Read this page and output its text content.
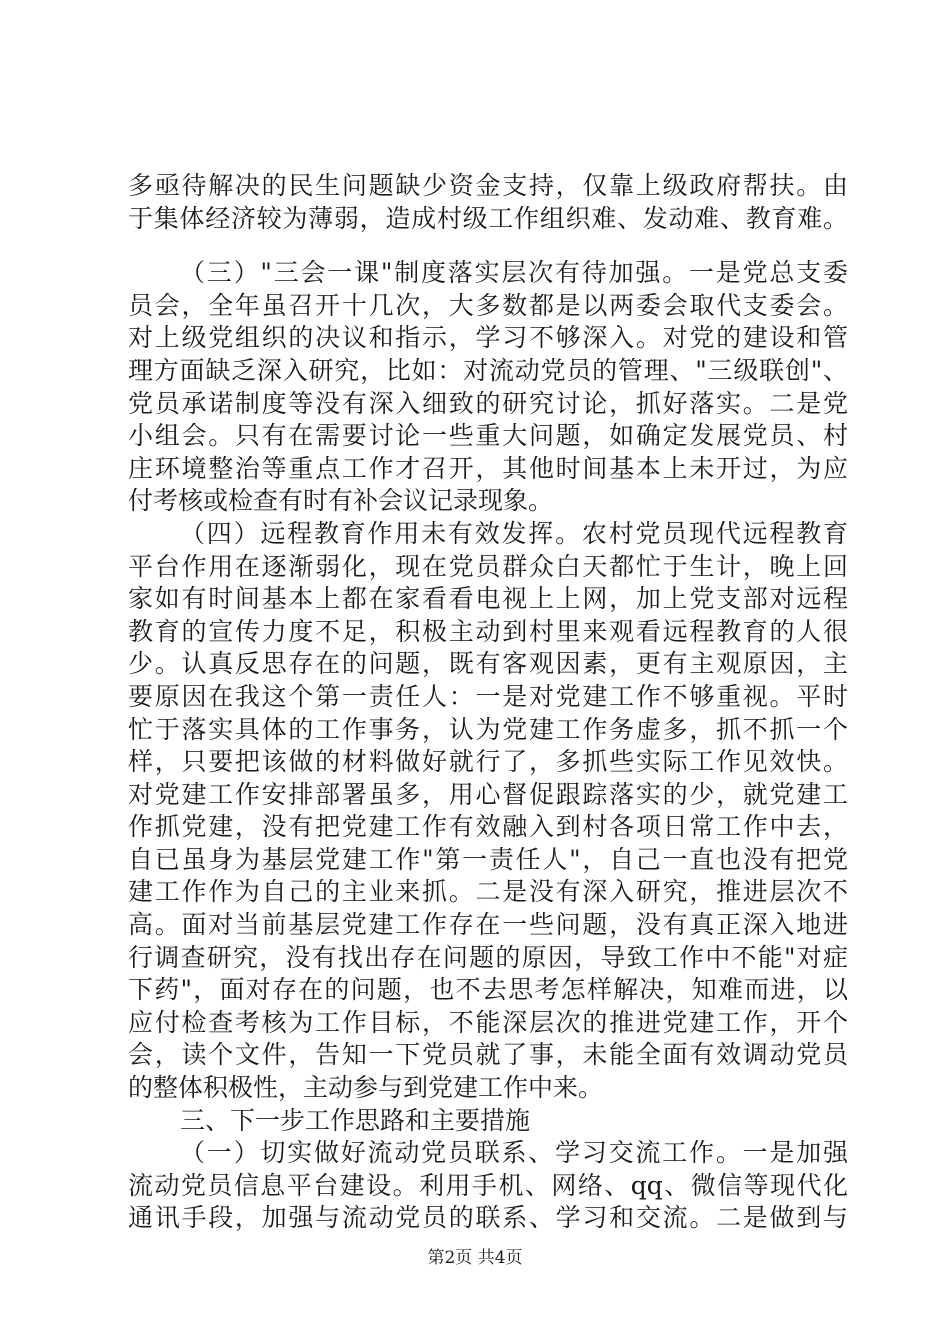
多亟待解决的民生问题缺少资金支持，仅靠上级政府帮扶。由
于集体经济较为薄弱，造成村级工作组织难、发动难、教育难。
（三）"三会一课"制度落实层次有待加强。一是党总支委
员会，全年虽召开十几次，大多数都是以两委会取代支委会。
对上级党组织的决议和指示，学习不够深入。对党的建设和管
理方面缺乏深入研究，比如：对流动党员的管理、"三级联创"、
党员承诺制度等没有深入细致的研究讨论，抓好落实。二是党
小组会。只有在需要讨论一些重大问题，如确定发展党员、村
庄环境整治等重点工作才召开，其他时间基本上未开过，为应
付考核或检查有时有补会议记录现象。
（四）远程教育作用未有效发挥。农村党员现代远程教育
平台作用在逐渐弱化，现在党员群众白天都忙于生计，晚上回
家如有时间基本上都在家看看电视上上网，加上党支部对远程
教育的宣传力度不足，积极主动到村里来观看远程教育的人很
少。认真反思存在的问题，既有客观因素，更有主观原因，主
要原因在我这个第一责任人：一是对党建工作不够重视。平时
忙于落实具体的工作事务，认为党建工作务虚多，抓不抓一个
样，只要把该做的材料做好就行了，多抓些实际工作见效快。
对党建工作安排部署虽多，用心督促跟踪落实的少，就党建工
作抓党建，没有把党建工作有效融入到村各项日常工作中去，
自已虽身为基层党建工作"第一责任人"，自己一直也没有把党
建工作作为自己的主业来抓。二是没有深入研究，推进层次不
高。面对当前基层党建工作存在一些问题，没有真正深入地进
行调查研究，没有找出存在问题的原因，导致工作中不能"对症
下药"，面对存在的问题，也不去思考怎样解决，知难而进，以
应付检查考核为工作目标，不能深层次的推进党建工作，开个
会，读个文件，告知一下党员就了事，未能全面有效调动党员
的整体积极性，主动参与到党建工作中来。
三、下一步工作思路和主要措施
（一）切实做好流动党员联系、学习交流工作。一是加强
流动党员信息平台建设。利用手机、网络、qq、微信等现代化
通讯手段，加强与流动党员的联系、学习和交流。二是做到与
第2页 共4页
